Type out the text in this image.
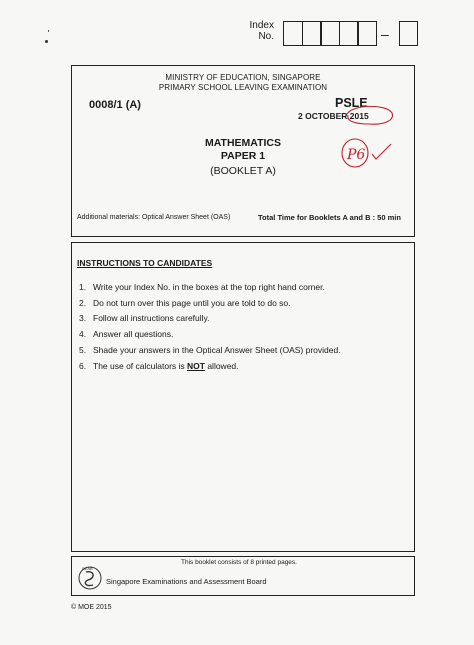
Index
No.	–
MINISTRY OF EDUCATION, SINGAPORE
PRIMARY SCHOOL LEAVING EXAMINATION
0008/1 (A)	PSLE
2 OCTOBER 2015
MATHEMATICS
PAPER 1
(BOOKLET A)
Additional materials: Optical Answer Sheet (OAS)	Total Time for Booklets A and B : 50 min
P6
INSTRUCTIONS TO CANDIDATES
1. Write your Index No. in the boxes at the top right hand corner.
2. Do not turn over this page until you are told to do so.
3. Follow all instructions carefully.
4. Answer all questions.
5. Shade your answers in the Optical Answer Sheet (OAS) provided.
6. The use of calculators is NOT allowed.
This booklet consists of 8 printed pages.
SEAB
Singapore Examinations and Assessment Board
© MOE 2015
